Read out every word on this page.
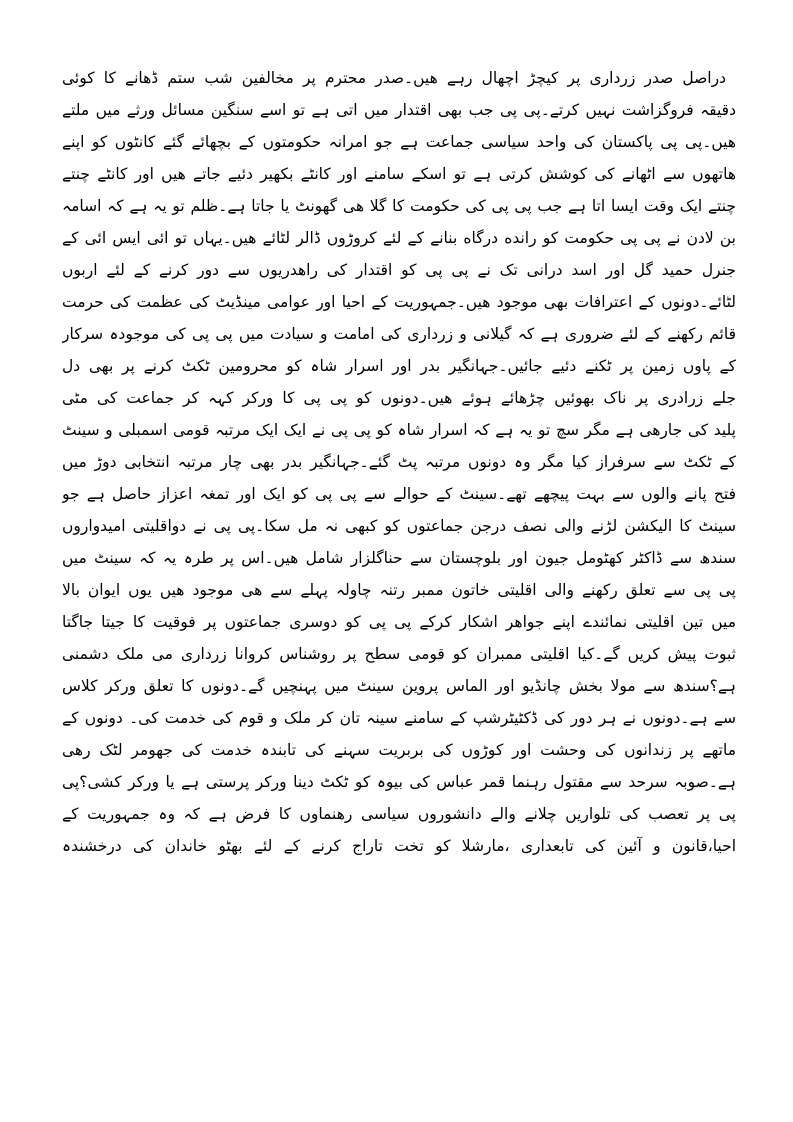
دراصل صدر زرداری پر کیچڑ اچھال رہے ھیں۔صدر محترم پر مخالفین شب ستم ڈھانے کا کوئی
دقیقہ فروگزاشت نہیں کرتے۔پی پی جب بھی اقتدار میں اتی ہے تو اسے سنگین مسائل ورثے میں ملتے
ھیں۔پی پی پاکستان کی واحد سیاسی جماعت ہے جو امرانہ حکومتوں کے بچھائے گئے کانٹوں کو اپنے
ھاتھوں سے اٹھانے کی کوشش کرتی ہے تو اسکے سامنے اور کانٹے بکھیر دئیے جاتے ھیں اور کانٹے چنتے
چنتے ایک وقت ایسا اتا ہے جب پی پی کی حکومت کا گلا ھی گھونٹ یا جاتا ہے۔ظلم تو یہ ہے کہ اسامہ
بن لادن نے پی پی حکومت کو رانده درگاه بنانے کے لئے کروڑوں ڈالر لٹائے ھیں۔یہاں تو ائی ایس ائی کے
جنرل حمید گل اور اسد درانی تک نے پی پی کو اقتدار کی راھدریوں سے دور کرنے کے لئے اربوں
لٹائے۔دونوں کے اعترافات بھی موجود ھیں۔جمہوریت کے احیا اور عوامی مینڈیٹ کی عظمت کی حرمت
قائم رکھنے کے لئے ضروری ہے کہ گیلانی و زرداری کی امامت و سیادت میں پی پی کی موجودہ سرکار
کے پاوں زمین پر ٹکنے دئیے جائیں۔جہانگیر بدر اور اسرار شاہ کو محرومین ٹکٹ کرنے پر بھی دل
جلے زرادری پر ناک بھوئیں چڑھائے ہوئے ھیں۔دونوں کو پی پی کا ورکر کہہ کر جماعت کی مٹی
پلید کی جارھی ہے مگر سچ تو یہ ہے کہ اسرار شاہ کو پی پی نے ایک ایک مرتبہ قومی اسمبلی و سینٹ
کے ٹکٹ سے سرفراز کیا مگر وہ دونوں مرتبہ پٹ گئے۔جہانگیر بدر بھی چار مرتبہ انتخابی دوڑ میں
فتح پانے والوں سے بہت پیچھے تھے۔سینٹ کے حوالے سے پی پی کو ایک اور تمغہ اعزاز حاصل ہے جو
سینٹ کا الیکشن لڑنے والی نصف درجن جماعتوں کو کبھی نہ مل سکا۔پی پی نے دواقلیتی امیدواروں
سندھ سے ڈاکٹر کھٹومل جیون اور بلوچستان سے حناگلزار شامل ھیں۔اس پر طرہ یہ کہ سینٹ میں
پی پی سے تعلق رکھنے والی اقلیتی خاتون ممبر رتنہ چاولہ پہلے سے ھی موجود ھیں یوں ایوان بالا
میں تین اقلیتی نمائندے اپنے جواھر اشکار کرکے پی پی کو دوسری جماعتوں پر فوقیت کا جیتا جاگتا
ثبوت پیش کریں گے۔کیا اقلیتی ممبران کو قومی سطح پر روشناس کروانا زرداری می ملک دشمنی
ہے؟سندھ سے مولا بخش چانڈیو اور الماس پروین سینٹ میں پہنچیں گے۔دونوں کا تعلق ورکر کلاس
سے ہے۔دونوں نے ہر دور کی ڈکٹیٹرشپ کے سامنے سینہ تان کر ملک و قوم کی خدمت کی۔ دونوں کے
ماتھے پر زندانوں کی وحشت اور کوڑوں کی بربریت سہنے کی تابندہ خدمت کی جھومر لٹک رھی
ہے۔صوبہ سرحد سے مقتول رہنما قمر عباس کی بیوہ کو ٹکٹ دینا ورکر پرستی ہے یا ورکر کشی؟پی
پی پر تعصب کی تلواریں چلانے والے دانشوروں سیاسی رھنماوں کا فرض ہے کہ وہ جمہوریت کے
احیا،قانون و آئین کی تابعداری ،مارشلا کو تخت تاراج کرنے کے لئے بھٹو خاندان کی درخشندہ
